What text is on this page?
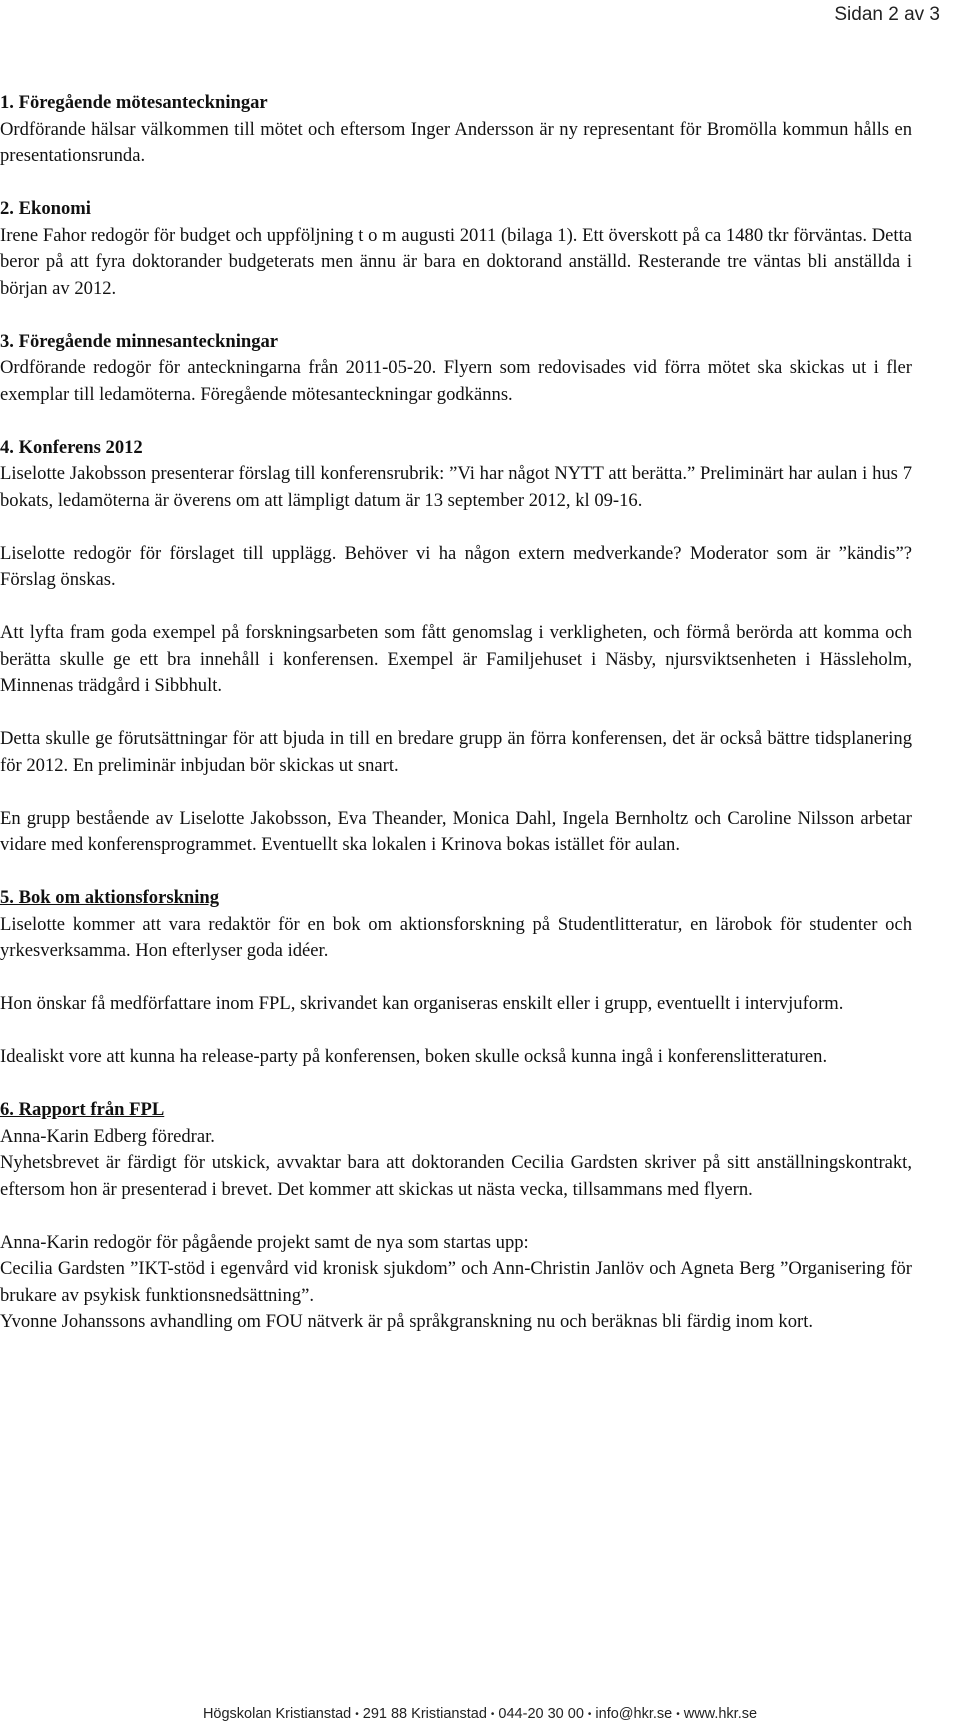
Sidan 2 av 3
1. Föregående mötesanteckningar

Ordförande hälsar välkommen till mötet och eftersom Inger Andersson är ny representant för Bromölla kommun hålls en presentationsrunda.

2. Ekonomi

Irene Fahor redogör för budget och uppföljning t o m augusti 2011 (bilaga 1). Ett överskott på ca 1480 tkr förväntas. Detta beror på att fyra doktorander budgeterats men ännu är bara en doktorand anställd. Resterande tre väntas bli anställda i början av 2012.

3. Föregående minnesanteckningar

Ordförande redogör för anteckningarna från 2011-05-20. Flyern som redovisades vid förra mötet ska skickas ut i fler exemplar till ledamöterna. Föregående mötesanteckningar godkänns.

4. Konferens 2012

Liselotte Jakobsson presenterar förslag till konferensrubrik: ”Vi har något NYTT att berätta.” Preliminärt har aulan i hus 7 bokats, ledamöterna är överens om att lämpligt datum är 13 september 2012, kl 09-16.

Liselotte redogör för förslaget till upplägg. Behöver vi ha någon extern medverkande? Moderator som är ”kändis”? Förslag önskas.

Att lyfta fram goda exempel på forskningsarbeten som fått genomslag i verkligheten, och förmå berörda att komma och berätta skulle ge ett bra innehåll i konferensen. Exempel är Familjehuset i Näsby, njursviktsenheten i Hässleholm, Minnenas trädgård i Sibbhult.

Detta skulle ge förutsättningar för att bjuda in till en bredare grupp än förra konferensen, det är också bättre tidsplanering för 2012. En preliminär inbjudan bör skickas ut snart.

En grupp bestående av Liselotte Jakobsson, Eva Theander, Monica Dahl, Ingela Bernholtz och Caroline Nilsson arbetar vidare med konferensprogrammet. Eventuellt ska lokalen i Krinova bokas istället för aulan.

5. Bok om aktionsforskning

Liselotte kommer att vara redaktör för en bok om aktionsforskning på Studentlitteratur, en lärobok för studenter och yrkesverksamma. Hon efterlyser goda idéer.

Hon önskar få medförfattare inom FPL, skrivandet kan organiseras enskilt eller i grupp, eventuellt i intervjuform.

Idealiskt vore att kunna ha release-party på konferensen, boken skulle också kunna ingå i konferenslitteraturen.

6. Rapport från FPL
Anna-Karin Edberg föredrar.

Nyhetsbrevet är färdigt för utskick, avvaktar bara att doktoranden Cecilia Gardsten skriver på sitt anställningskontrakt, eftersom hon är presenterad i brevet. Det kommer att skickas ut nästa vecka, tillsammans med flyern.

Anna-Karin redogör för pågående projekt samt de nya som startas upp:
Cecilia Gardsten ”IKT-stöd i egenvård vid kronisk sjukdom” och Ann-Christin Janlöv och Agneta Berg ”Organisering för brukare av psykisk funktionsnedsättning”.
Yvonne Johanssons avhandling om FOU nätverk är på språkgranskning nu och beräknas bli färdig inom kort.
Högskolan Kristianstad • 291 88 Kristianstad • 044-20 30 00 • info@hkr.se • www.hkr.se
